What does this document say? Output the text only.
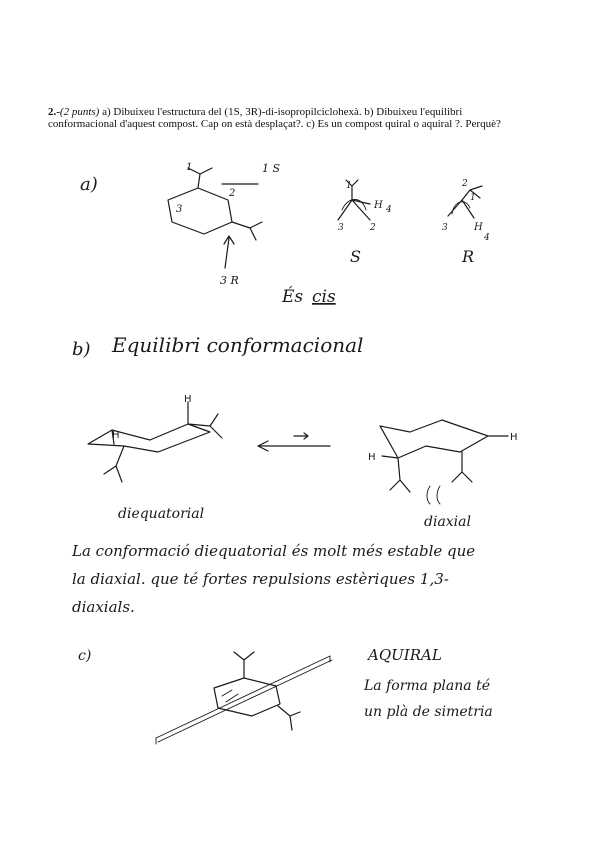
2.-(2 punts) a) Dibuixeu l'estructura del (1S, 3R)-di-isopropilciclohexà. b) Dibuixeu l'equilibri conformacional d'aquest compost. Cap on està desplaçat?. c) Es un compost quiral o aquiral ?. Perquè?
a)
1
2
3
1 S
3 R
1
3	2
H 4
S
2
3	H
4
1
R
És cis
b) Equilibri conformacional
H
H	H
H
diequatorial	diaxial
La conformació diequatorial és molt més estable que
la diaxial. que té fortes repulsions estèriques 1,3-
diaxials.
c)	AQUIRAL
La forma plana té
un plà de simetria
